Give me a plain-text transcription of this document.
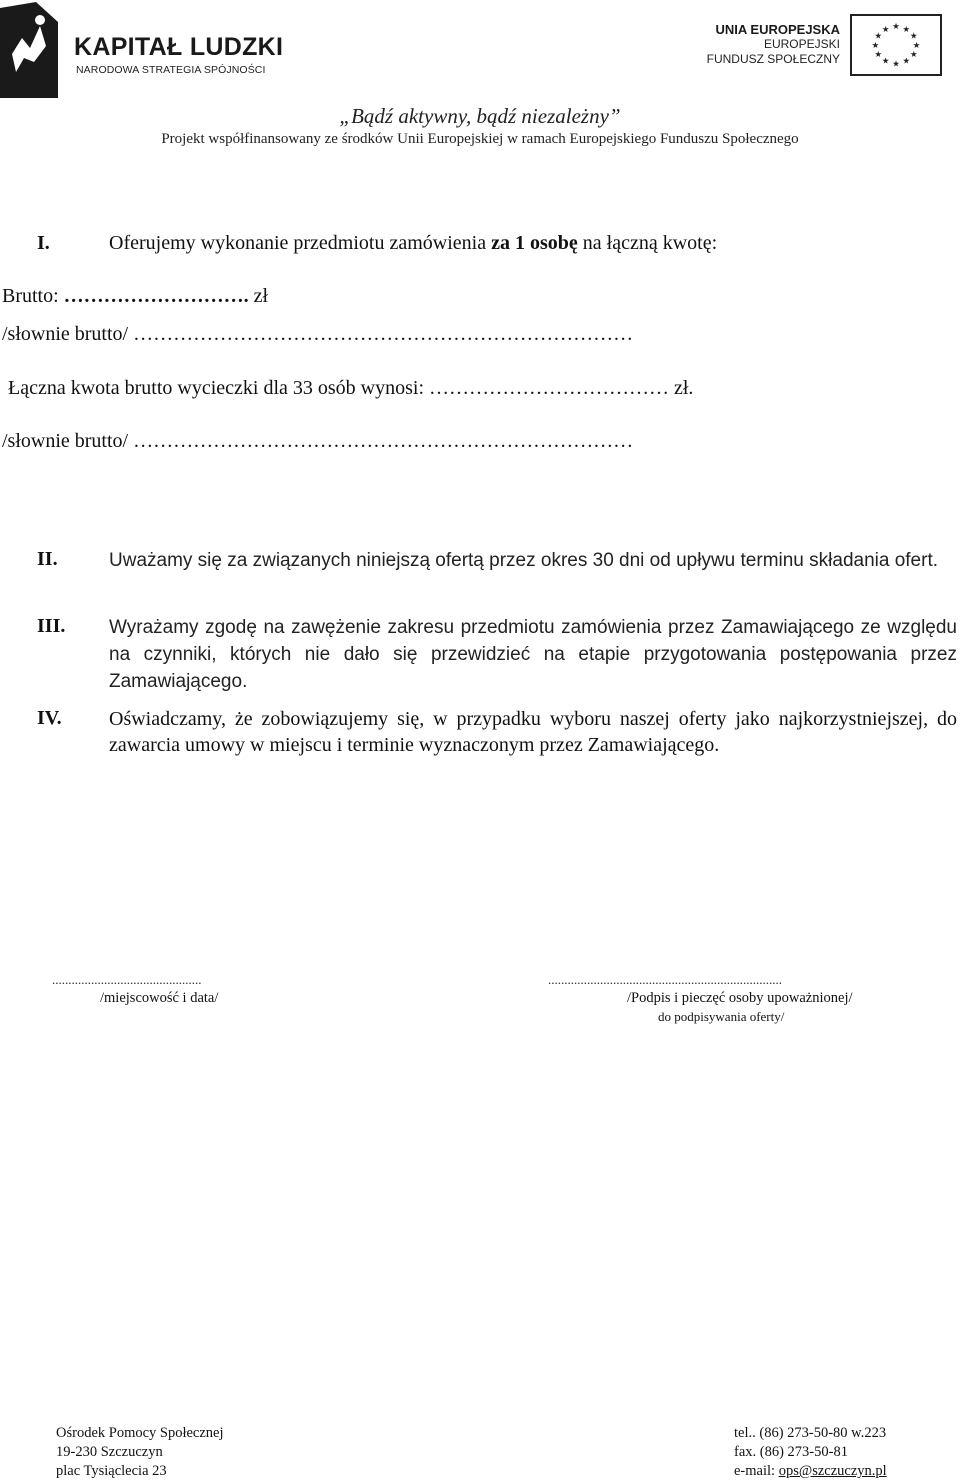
KAPITAŁ LUDZKI
NARODOWA STRATEGIA SPÓJNOŚCI
UNIA EUROPEJSKA
EUROPEJSKI
FUNDUSZ SPOŁECZNY
★ ★
★
★
★
★
★
★
★
★
★
★
„Bądź aktywny, bądź niezależny”
Projekt współfinansowany ze środków Unii Europejskiej w ramach Europejskiego Funduszu Społecznego
I.	Oferujemy wykonanie przedmiotu zamówienia za 1 osobę na łączną kwotę:
Brutto: ………………………. zł
/słownie brutto/ …………………………………………………………………
Łączna kwota brutto wycieczki dla 33 osób wynosi: ……………………………… zł.
/słownie brutto/ …………………………………………………………………
II.	Uważamy się za związanych niniejszą ofertą przez okres 30 dni od upływu terminu składania ofert.
III. Wyrażamy zgodę na zawężenie zakresu przedmiotu zamówienia przez Zamawiającego ze względu na czynniki, których nie dało się przewidzieć na etapie przygotowania postępowania przez Zamawiającego.
IV. Oświadczamy, że zobowiązujemy się, w przypadku wyboru naszej oferty jako najkorzystniejszej, do zawarcia umowy w miejscu i terminie wyznaczonym przez Zamawiającego.
..............................................
/miejscowość i data/
........................................................................
/Podpis i pieczęć osoby upoważnionej/
do podpisywania oferty/
Ośrodek Pomocy Społecznej
19-230 Szczuczyn
plac Tysiąclecia 23
tel.. (86) 273-50-80 w.223
fax. (86) 273-50-81
e-mail: ops@szczuczyn.pl
